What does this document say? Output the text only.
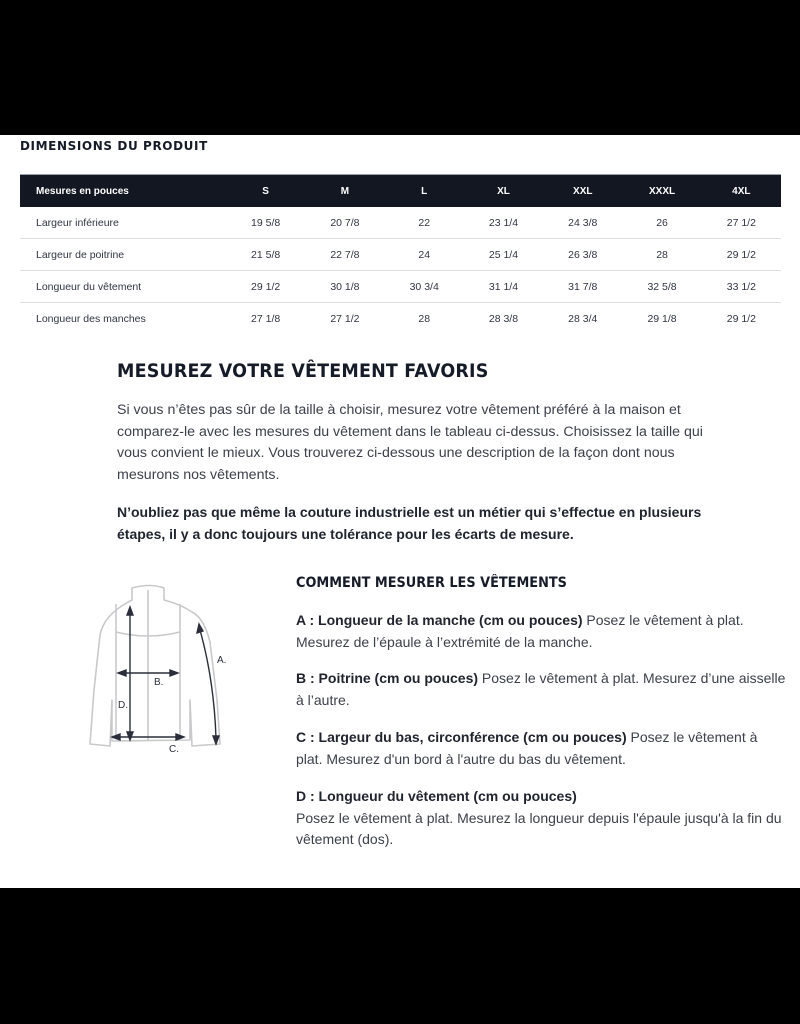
DIMENSIONS DU PRODUIT
Mesures en pouces	S	M	L	XL	XXL	XXXL	4XL
Largeur inférieure	19 5/8	20 7/8	22	23 1/4	24 3/8	26	27 1/2
Largeur de poitrine	21 5/8	22 7/8	24	25 1/4	26 3/8	28	29 1/2
Longueur du vêtement	29 1/2	30 1/8	30 3/4	31 1/4	31 7/8	32 5/8	33 1/2
Longueur des manches	27 1/8	27 1/2	28	28 3/8	28 3/4	29 1/8	29 1/2
MESUREZ VOTRE VÊTEMENT FAVORIS

Si vous n’êtes pas sûr de la taille à choisir, mesurez votre vêtement préféré à la maison et comparez-le avec les mesures du vêtement dans le tableau ci-dessus. Choisissez la taille qui vous convient le mieux. Vous trouverez ci-dessous une description de la façon dont nous mesurons nos vêtements.

N’oubliez pas que même la couture industrielle est un métier qui s’effectue en plusieurs étapes, il y a donc toujours une tolérance pour les écarts de mesure.

A.
B.
D.
C.
COMMENT MESURER LES VÊTEMENTS

A : Longueur de la manche (cm ou pouces) Posez le vêtement à plat. Mesurez de l’épaule à l’extrémité de la manche.

B : Poitrine (cm ou pouces) Posez le vêtement à plat. Mesurez d’une aisselle à l’autre.

C : Largeur du bas, circonférence (cm ou pouces) Posez le vêtement à plat. Mesurez d'un bord à l'autre du bas du vêtement.

D : Longueur du vêtement (cm ou pouces)
Posez le vêtement à plat. Mesurez la longueur depuis l'épaule jusqu'à la fin du vêtement (dos).
